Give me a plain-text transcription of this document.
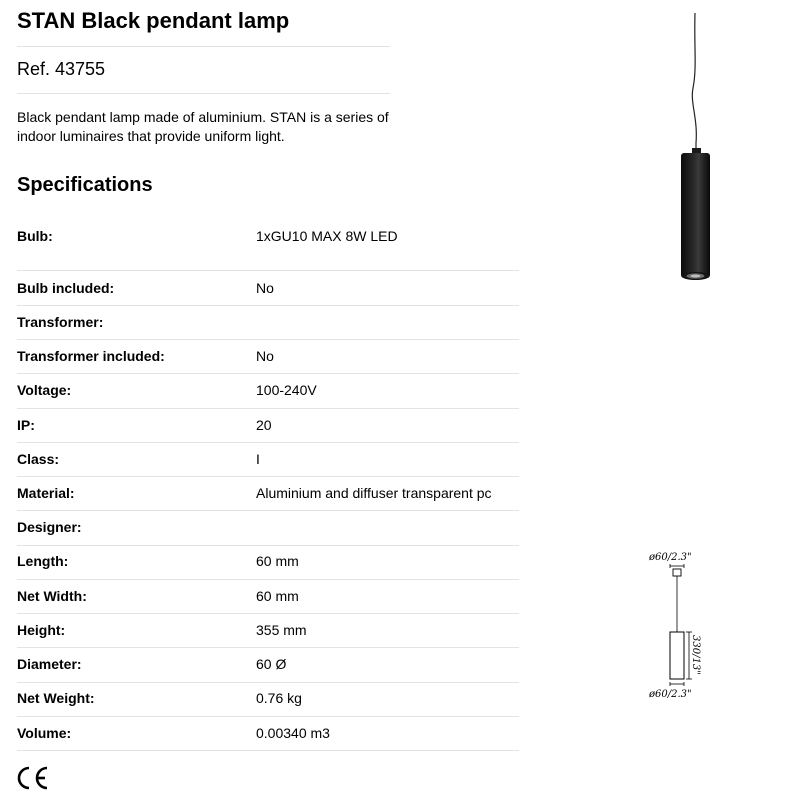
STAN Black pendant lamp
Ref. 43755
Black pendant lamp made of aluminium. STAN is a series of indoor luminaires that provide uniform light.
Specifications
Bulb:	1xGU10 MAX 8W LED
Bulb included:	No
Transformer:
Transformer included:	No
Voltage:	100-240V
IP:	20
Class:	I
Material:	Aluminium and diffuser transparent pc
Designer:
Length:	60 mm
Net Width:	60 mm
Height:	355 mm
Diameter:	60 Ø
Net Weight:	0.76 kg
Volume:	0.00340 m3
ø60/2.3"
330/13"
ø60/2.3"
